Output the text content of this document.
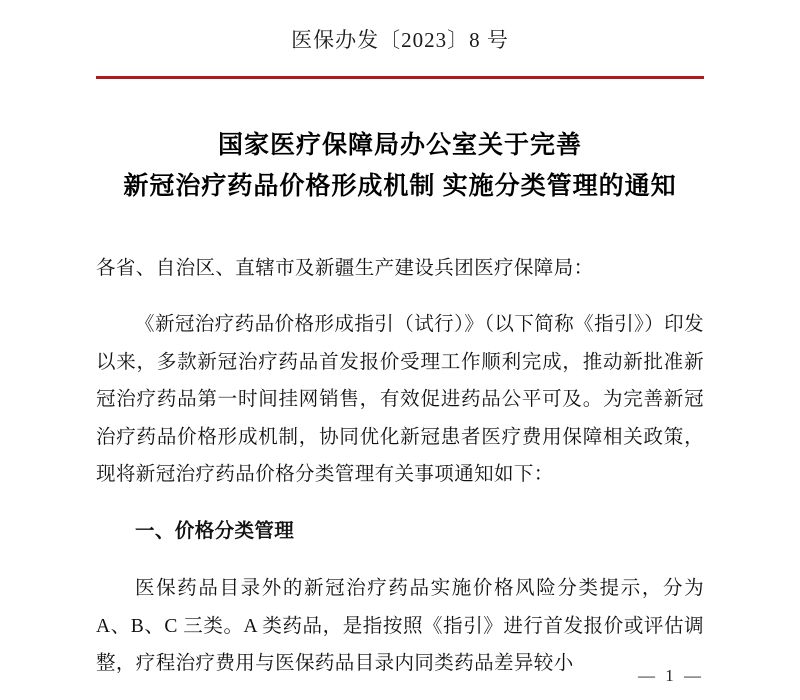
医保办发〔2023〕8 号
国家医疗保障局办公室关于完善
新冠治疗药品价格形成机制 实施分类管理的通知

各省、自治区、直辖市及新疆生产建设兵团医疗保障局：

《新冠治疗药品价格形成指引（试行）》（以下简称《指引》）印发以来，多款新冠治疗药品首发报价受理工作顺利完成，推动新批准新冠治疗药品第一时间挂网销售，有效促进药品公平可及。为完善新冠治疗药品价格形成机制，协同优化新冠患者医疗费用保障相关政策，现将新冠治疗药品价格分类管理有关事项通知如下：

一、价格分类管理

医保药品目录外的新冠治疗药品实施价格风险分类提示，分为 A、B、C 三类。A 类药品，是指按照《指引》进行首发报价或评估调整，疗程治疗费用与医保药品目录内同类药品差异较小

— 1 —
